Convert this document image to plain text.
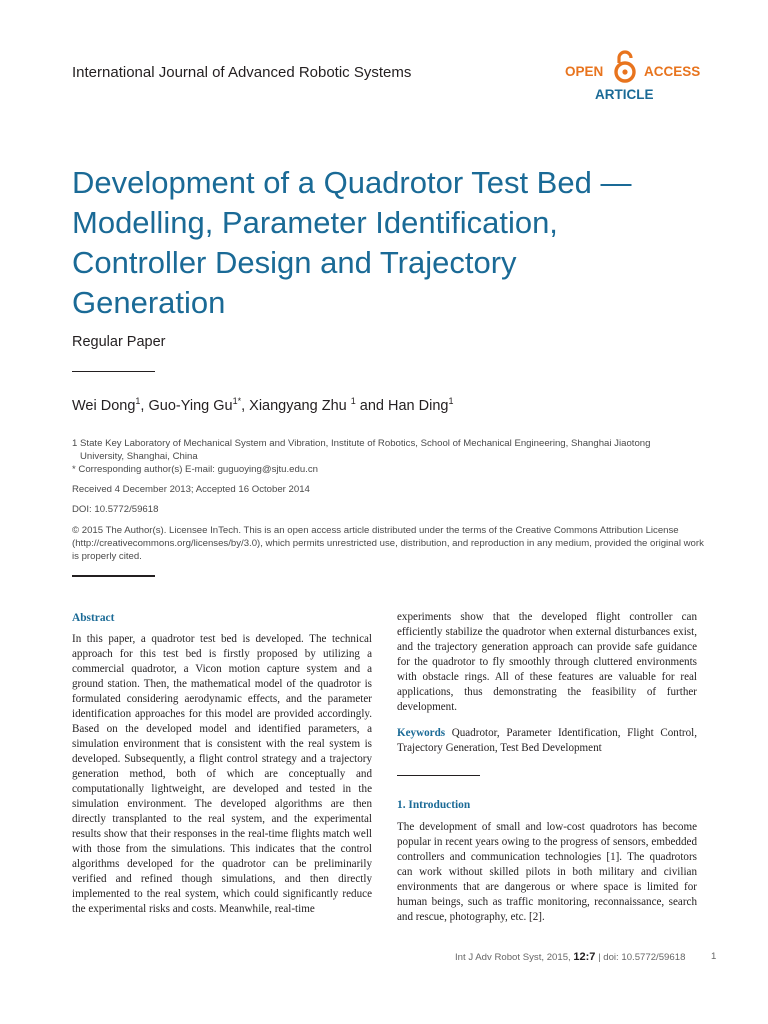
International Journal of Advanced Robotic Systems	OPEN	ACCESS
ARTICLE
Development of a Quadrotor Test Bed — Modelling, Parameter Identification, Controller Design and Trajectory Generation
Regular Paper
Wei Dong$^1$, Guo-Ying $Gu^{1*}$, Xiangyang Zhu $^1$ and Han Ding$^1$
1 State Key Laboratory of Mechanical System and Vibration, Institute of Robotics, School of Mechanical Engineering, Shanghai Jiaotong
University, Shanghai, China
* Corresponding author(s) E-mail: guguoying@sjtu.edu.cn
Received 4 December 2013; Accepted 16 October 2014
DOI: 10.5772/59618
© 2015 The Author(s). Licensee InTech. This is an open access article distributed under the terms of the Creative Commons Attribution License (http://creativecommons.org/licenses/by/3.0), which permits unrestricted use, distribution, and reproduction in any medium, provided the original work is properly cited.
Abstract

In this paper, a quadrotor test bed is developed. The technical approach for this test bed is firstly proposed by utilizing a commercial quadrotor, a Vicon motion capture system and a ground station. Then, the mathematical model of the quadrotor is formulated considering aerodynamic effects, and the parameter identification approaches for this model are provided accordingly. Based on the developed model and identified parameters, a simulation environment that is consistent with the real system is developed. Subsequently, a flight control strategy and a trajectory generation method, both of which are conceptually and computationally lightweight, are developed and tested in the simulation environment. The developed algorithms are then directly transplanted to the real system, and the experimental results show that their responses in the real-time flights match well with those from the simulations. This indicates that the control algorithms developed for the quadrotor can be preliminarily verified and refined though simulations, and then directly implemented to the real system, which could significantly reduce the experimental risks and costs. Meanwhile, real-time

experiments show that the developed flight controller can efficiently stabilize the quadrotor when external disturbances exist, and the trajectory generation approach can provide safe guidance for the quadrotor to fly smoothly through cluttered environments with obstacle rings. All of these features are valuable for real applications, thus demonstrating the feasibility of further development.

Keywords Quadrotor, Parameter Identification, Flight Control, Trajectory Generation, Test Bed Development

1. Introduction

The development of small and low-cost quadrotors has become popular in recent years owing to the progress of sensors, embedded controllers and communication technologies [1]. The quadrotors can work without skilled pilots in both military and civilian environments that are dangerous or where space is limited for human beings, such as traffic monitoring, reconnaissance, search and rescue, photography, etc. [2].

Int J Adv Robot Syst, 2015, 12:7 | doi: 10.5772/59618	1
